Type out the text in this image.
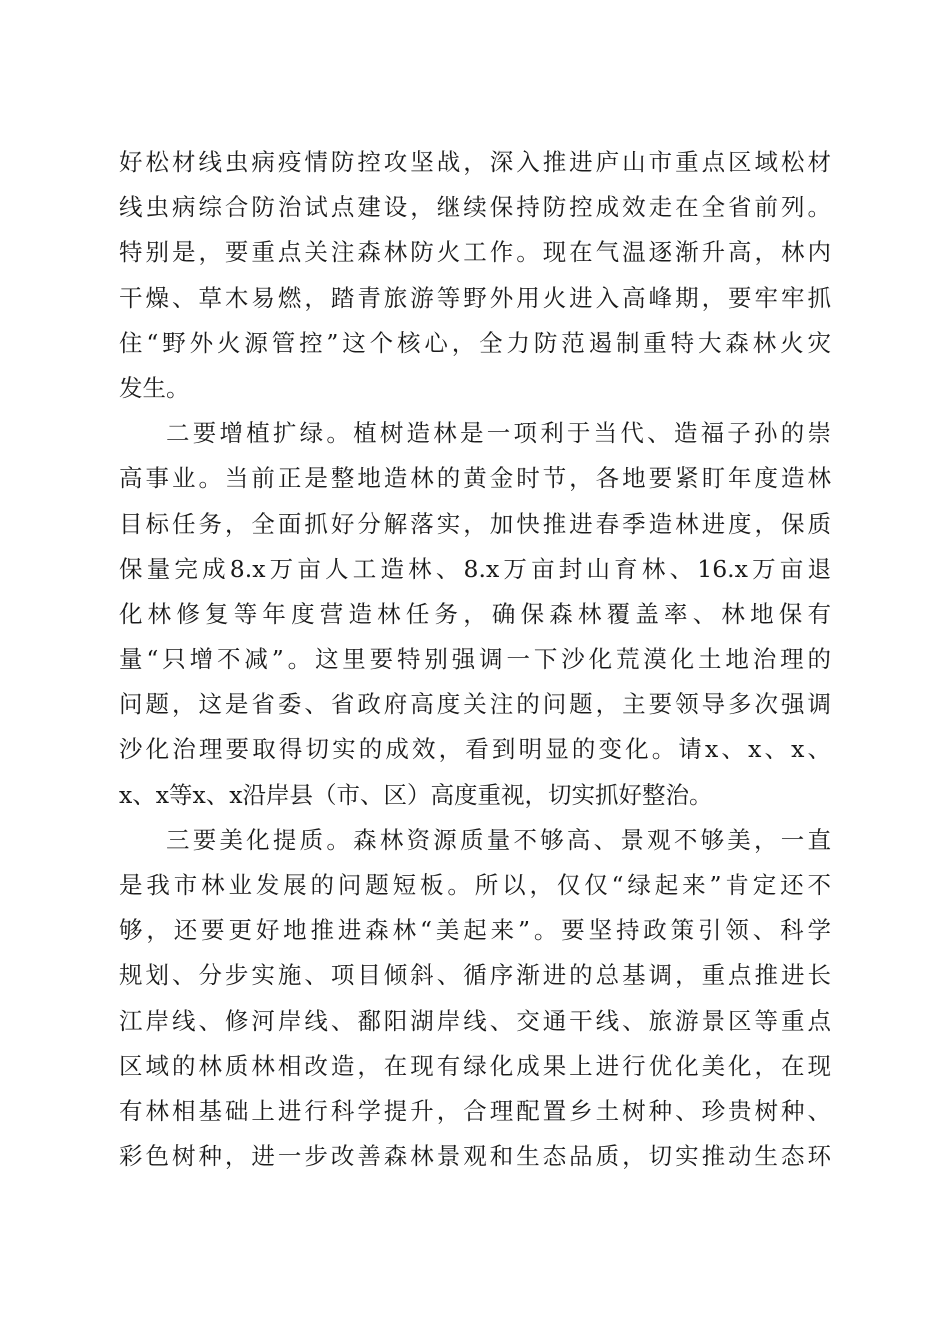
好松材线虫病疫情防控攻坚战，深入推进庐山市重点区域松材
线虫病综合防治试点建设，继续保持防控成效走在全省前列。
特别是，要重点关注森林防火工作。现在气温逐渐升高，林内
干燥、草木易燃，踏青旅游等野外用火进入高峰期，要牢牢抓
住“野外火源管控”这个核心，全力防范遏制重特大森林火灾
发生。
二要增植扩绿。植树造林是一项利于当代、造福子孙的崇
高事业。当前正是整地造林的黄金时节，各地要紧盯年度造林
目标任务，全面抓好分解落实，加快推进春季造林进度，保质
保量完成8.x万亩人工造林、8.x万亩封山育林、16.x万亩退
化林修复等年度营造林任务，确保森林覆盖率、林地保有
量“只增不减”。这里要特别强调一下沙化荒漠化土地治理的
问题，这是省委、省政府高度关注的问题，主要领导多次强调
沙化治理要取得切实的成效，看到明显的变化。请x、x、x、
x、x等x、x沿岸县（市、区）高度重视，切实抓好整治。
三要美化提质。森林资源质量不够高、景观不够美，一直
是我市林业发展的问题短板。所以，仅仅“绿起来”肯定还不
够，还要更好地推进森林“美起来”。要坚持政策引领、科学
规划、分步实施、项目倾斜、循序渐进的总基调，重点推进长
江岸线、修河岸线、鄱阳湖岸线、交通干线、旅游景区等重点
区域的林质林相改造，在现有绿化成果上进行优化美化，在现
有林相基础上进行科学提升，合理配置乡土树种、珍贵树种、
彩色树种，进一步改善森林景观和生态品质，切实推动生态环
